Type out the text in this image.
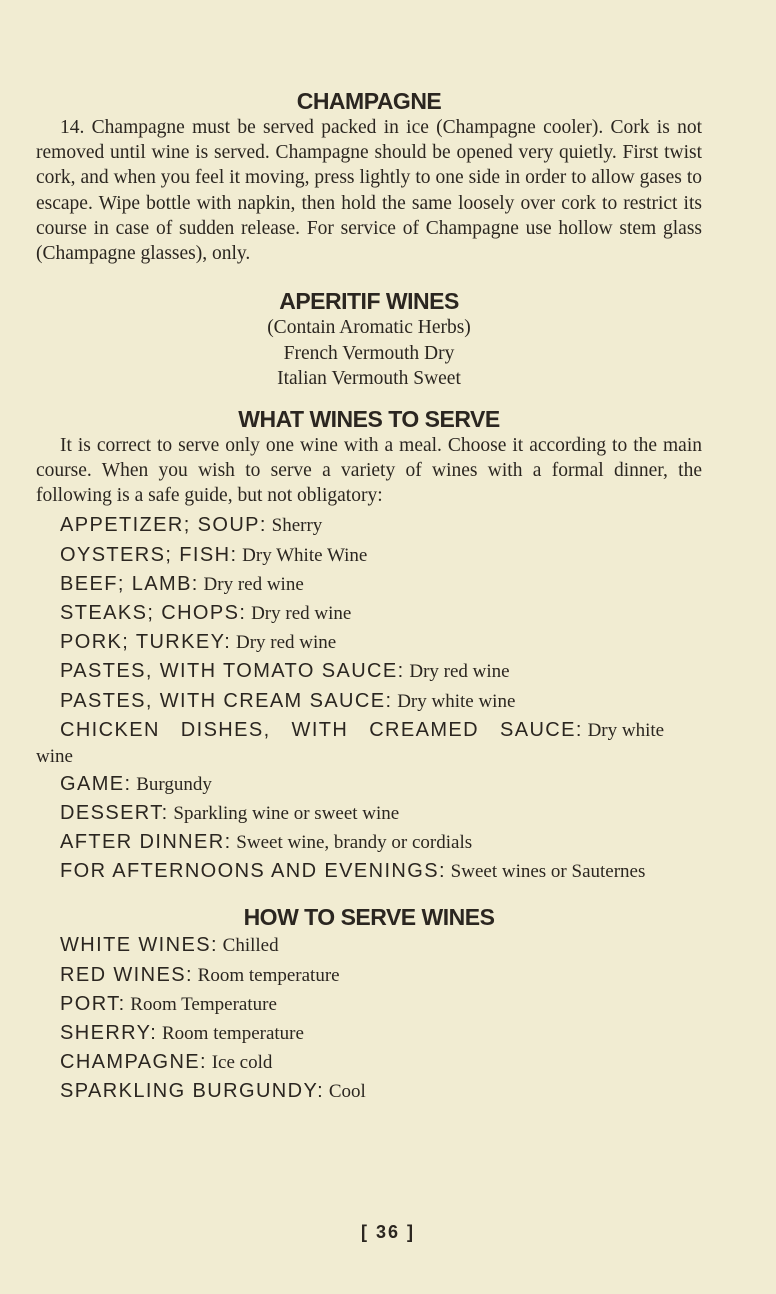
CHAMPAGNE

14. Champagne must be served packed in ice (Champagne cooler). Cork is not removed until wine is served. Champagne should be opened very quietly. First twist cork, and when you feel it moving, press lightly to one side in order to allow gases to escape. Wipe bottle with napkin, then hold the same loosely over cork to restrict its course in case of sudden release. For service of Champagne use hollow stem glass (Champagne glasses), only.

APERITIF WINES
(Contain Aromatic Herbs)
French Vermouth Dry
Italian Vermouth Sweet
WHAT WINES TO SERVE

It is correct to serve only one wine with a meal. Choose it according to the main course. When you wish to serve a variety of wines with a formal dinner, the following is a safe guide, but not obligatory:

APPETIZER; SOUP: Sherry
OYSTERS; FISH: Dry White Wine
BEEF; LAMB: Dry red wine
STEAKS; CHOPS: Dry red wine
PORK; TURKEY: Dry red wine
PASTES, WITH TOMATO SAUCE: Dry red wine
PASTES, WITH CREAM SAUCE: Dry white wine
CHICKEN DISHES, WITH CREAMED SAUCE: Dry white wine
GAME: Burgundy
DESSERT: Sparkling wine or sweet wine
AFTER DINNER: Sweet wine, brandy or cordials
FOR AFTERNOONS AND EVENINGS: Sweet wines or Sauternes
HOW TO SERVE WINES
WHITE WINES: Chilled
RED WINES: Room temperature
PORT: Room Temperature
SHERRY: Room temperature
CHAMPAGNE: Ice cold
SPARKLING BURGUNDY: Cool
[ 36 ]
